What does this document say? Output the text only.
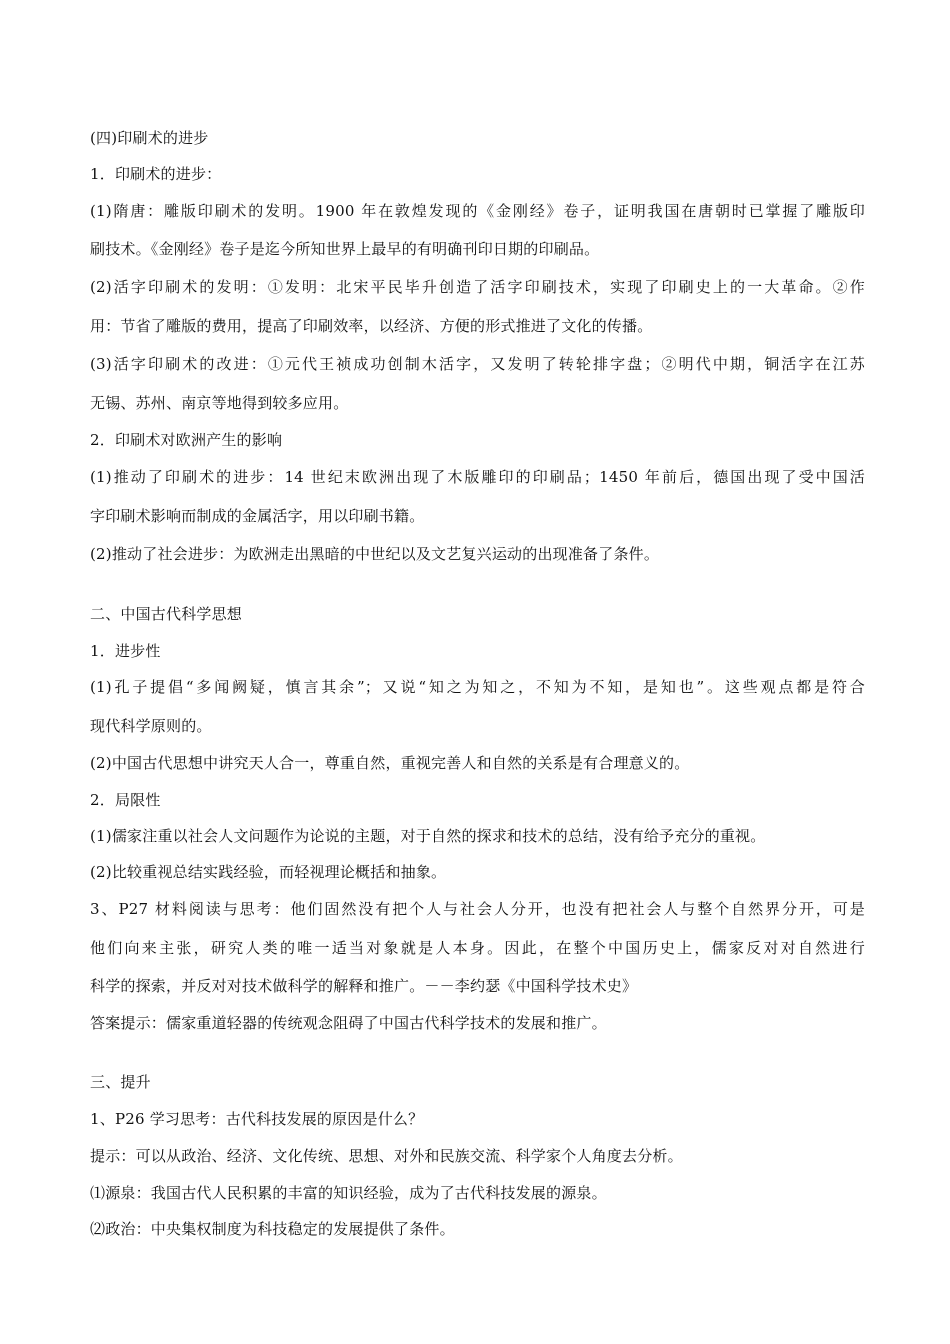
(四)印刷术的进步
1．印刷术的进步：
(1)隋唐：雕版印刷术的发明。1900 年在敦煌发现的《金刚经》卷子，证明我国在唐朝时已掌握了雕版印
刷技术。《金刚经》卷子是迄今所知世界上最早的有明确刊印日期的印刷品。
(2)活字印刷术的发明：①发明：北宋平民毕升创造了活字印刷技术，实现了印刷史上的一大革命。②作
用：节省了雕版的费用，提高了印刷效率，以经济、方便的形式推进了文化的传播。
(3)活字印刷术的改进：①元代王祯成功创制木活字，又发明了转轮排字盘；②明代中期，铜活字在江苏
无锡、苏州、南京等地得到较多应用。
2．印刷术对欧洲产生的影响
(1)推动了印刷术的进步：14 世纪末欧洲出现了木版雕印的印刷品；1450 年前后，德国出现了受中国活
字印刷术影响而制成的金属活字，用以印刷书籍。
(2)推动了社会进步：为欧洲走出黑暗的中世纪以及文艺复兴运动的出现准备了条件。
二、中国古代科学思想
1．进步性
(1)孔子提倡“多闻阙疑，慎言其余”；又说“知之为知之，不知为不知，是知也”。这些观点都是符合
现代科学原则的。
(2)中国古代思想中讲究天人合一，尊重自然，重视完善人和自然的关系是有合理意义的。
2．局限性
(1)儒家注重以社会人文问题作为论说的主题，对于自然的探求和技术的总结，没有给予充分的重视。
(2)比较重视总结实践经验，而轻视理论概括和抽象。
3、P27 材料阅读与思考：他们固然没有把个人与社会人分开，也没有把社会人与整个自然界分开，可是
他们向来主张，研究人类的唯一适当对象就是人本身。因此，在整个中国历史上，儒家反对对自然进行
科学的探索，并反对对技术做科学的解释和推广。－－李约瑟《中国科学技术史》
答案提示：儒家重道轻器的传统观念阻碍了中国古代科学技术的发展和推广。
三、提升
1、P26 学习思考：古代科技发展的原因是什么？
提示：可以从政治、经济、文化传统、思想、对外和民族交流、科学家个人角度去分析。
⑴源泉：我国古代人民积累的丰富的知识经验，成为了古代科技发展的源泉。
⑵政治：中央集权制度为科技稳定的发展提供了条件。
